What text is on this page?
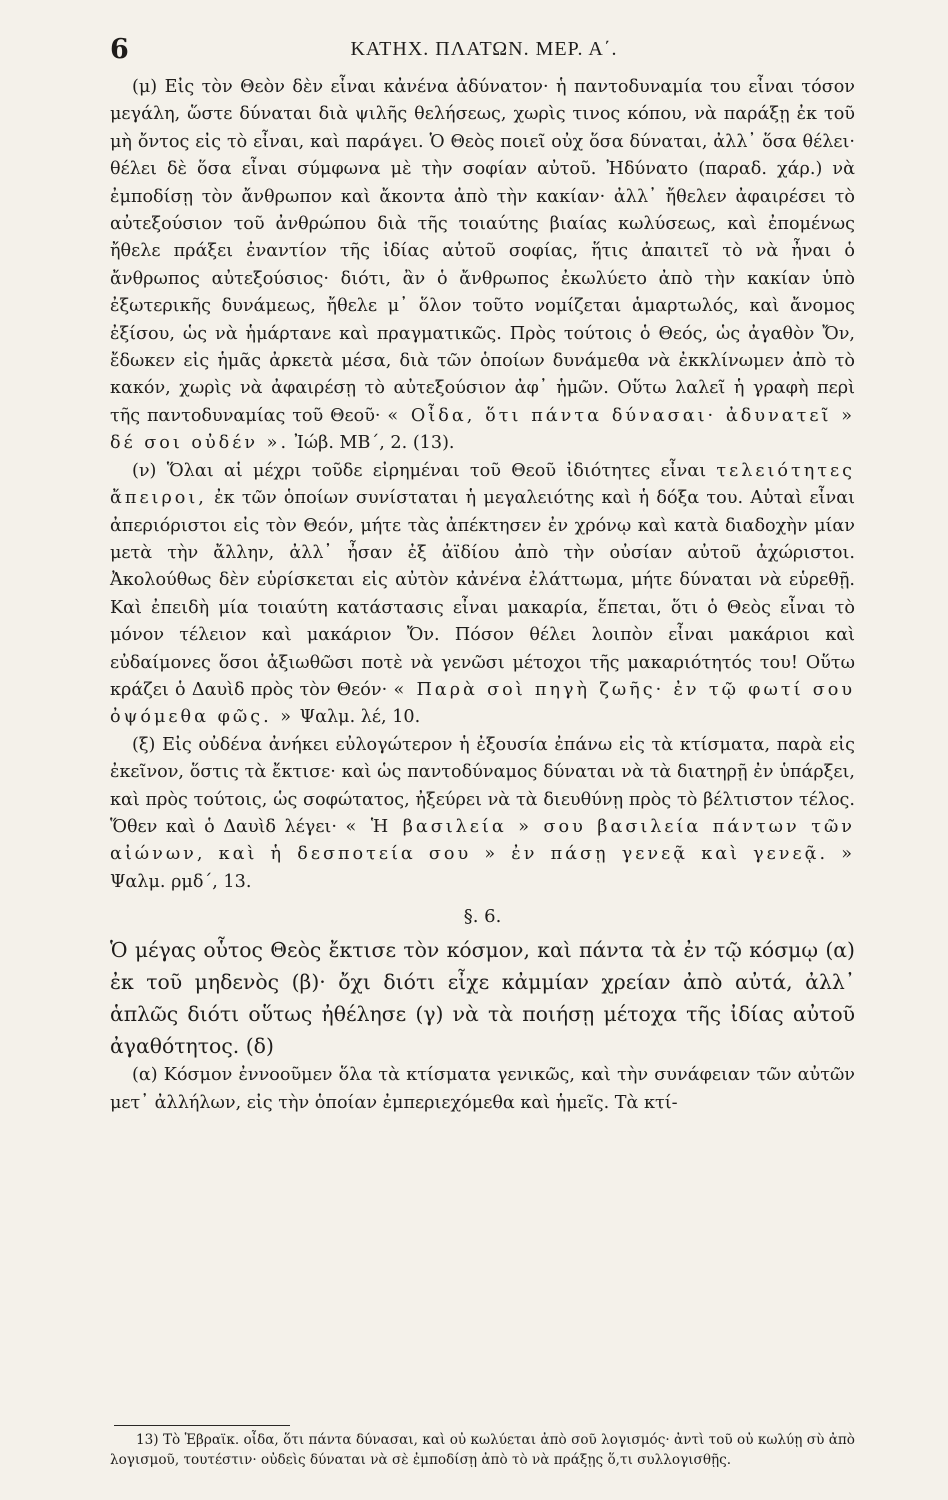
6	ΚΑΤΗΧ. ΠΛΑΤΩΝ. ΜΕΡ. Α΄.

(μ) Εἰς τὸν Θεὸν δὲν εἶναι κἀνένα ἀδύνατον· ἡ παντοδυναμία του εἶναι τόσον μεγάλη, ὥστε δύναται διὰ ψιλῆς θελήσεως, χωρὶς τινος κόπου, νὰ παράξῃ ἐκ τοῦ μὴ ὄντος εἰς τὸ εἶναι, καὶ παράγει. Ὁ Θεὸς ποιεῖ οὐχ ὅσα δύναται, ἀλλ᾽ ὅσα θέλει· θέλει δὲ ὅσα εἶναι σύμφωνα μὲ τὴν σοφίαν αὐτοῦ. Ἠδύνατο (παραδ. χάρ.) νὰ ἐμποδίσῃ τὸν ἄνθρωπον καὶ ἄκοντα ἀπὸ τὴν κακίαν· ἀλλ᾽ ἤθελεν ἀφαιρέσει τὸ αὐτεξούσιον τοῦ ἀνθρώπου διὰ τῆς τοιαύτης βιαίας κωλύσεως, καὶ ἐπομένως ἤθελε πράξει ἐναντίον τῆς ἰδίας αὐτοῦ σοφίας, ἥτις ἀπαιτεῖ τὸ νὰ ἦναι ὁ ἄνθρωπος αὐτεξούσιος· διότι, ἂν ὁ ἄνθρωπος ἐκωλύετο ἀπὸ τὴν κακίαν ὑπὸ ἐξωτερικῆς δυνάμεως, ἤθελε μ᾽ ὅλον τοῦτο νομίζεται ἁμαρτωλός, καὶ ἄνομος ἐξίσου, ὡς νὰ ἡμάρτανε καὶ πραγματικῶς. Πρὸς τούτοις ὁ Θεός, ὡς ἀγαθὸν Ὄν, ἔδωκεν εἰς ἡμᾶς ἀρκετὰ μέσα, διὰ τῶν ὁποίων δυνάμεθα νὰ ἐκκλίνωμεν ἀπὸ τὸ κακόν, χωρὶς νὰ ἀφαιρέσῃ τὸ αὐτεξούσιον ἀφ᾽ ἡμῶν. Οὕτω λαλεῖ ἡ γραφὴ περὶ τῆς παντοδυναμίας τοῦ Θεοῦ· « Οἶδα, ὅτι πάντα δύνασαι· ἀδυνατεῖ » δέ σοι οὐδέν ». Ἰώβ. ΜΒ΄, 2. (13).

(ν) Ὅλαι αἱ μέχρι τοῦδε εἰρημέναι τοῦ Θεοῦ ἰδιότητες εἶναι τελειότητες ἄπειροι, ἐκ τῶν ὁποίων συνίσταται ἡ μεγαλειότης καὶ ἡ δόξα του. Αὐταὶ εἶναι ἀπεριόριστοι εἰς τὸν Θεόν, μήτε τὰς ἀπέκτησεν ἐν χρόνῳ καὶ κατὰ διαδοχὴν μίαν μετὰ τὴν ἄλλην, ἀλλ᾽ ἦσαν ἐξ ἀϊδίου ἀπὸ τὴν οὐσίαν αὐτοῦ ἀχώριστοι. Ἀκολούθως δὲν εὑρίσκεται εἰς αὐτὸν κἀνένα ἐλάττωμα, μήτε δύναται νὰ εὑρεθῇ. Καὶ ἐπειδὴ μία τοιαύτη κατάστασις εἶναι μακαρία, ἕπεται, ὅτι ὁ Θεὸς εἶναι τὸ μόνον τέλειον καὶ μακάριον Ὄν. Πόσον θέλει λοιπὸν εἶναι μακάριοι καὶ εὐδαίμονες ὅσοι ἀξιωθῶσι ποτὲ νὰ γενῶσι μέτοχοι τῆς μακαριότητός του! Οὕτω κράζει ὁ Δαυὶδ πρὸς τὸν Θεόν· « Παρὰ σοὶ πηγὴ ζωῆς· ἐν τῷ φωτί σου ὀψόμεθα φῶς. » Ψαλμ. λέ, 10.

(ξ) Εἰς οὐδένα ἀνήκει εὐλογώτερον ἡ ἐξουσία ἐπάνω εἰς τὰ κτίσματα, παρὰ εἰς ἐκεῖνον, ὅστις τὰ ἔκτισε· καὶ ὡς παντοδύναμος δύναται νὰ τὰ διατηρῇ ἐν ὑπάρξει, καὶ πρὸς τούτοις, ὡς σοφώτατος, ἠξεύρει νὰ τὰ διευθύνῃ πρὸς τὸ βέλτιστον τέλος. Ὅθεν καὶ ὁ Δαυὶδ λέγει· « Ἡ βασιλεία » σου βασιλεία πάντων τῶν αἰώνων, καὶ ἡ δεσποτεία σου » ἐν πάσῃ γενεᾷ καὶ γενεᾷ. » Ψαλμ. ρμδ΄, 13.

§. 6.

Ὁ μέγας οὗτος Θεὸς ἔκτισε τὸν κόσμον, καὶ πάντα τὰ ἐν τῷ κόσμῳ (α) ἐκ τοῦ μηδενὸς (β)· ὄχι διότι εἶχε κἀμμίαν χρείαν ἀπὸ αὐτά, ἀλλ᾽ ἁπλῶς διότι οὕτως ἠθέλησε (γ) νὰ τὰ ποιήσῃ μέτοχα τῆς ἰδίας αὐτοῦ ἀγαθότητος. (δ)

(α) Κόσμον ἐννοοῦμεν ὅλα τὰ κτίσματα γενικῶς, καὶ τὴν συνάφειαν τῶν αὐτῶν μετ᾽ ἀλλήλων, εἰς τὴν ὁποίαν ἐμπεριεχόμεθα καὶ ἡμεῖς. Τὰ κτί-

13) Τὸ Ἑβραϊκ. οἶδα, ὅτι πάντα δύνασαι, καὶ οὐ κωλύεται ἀπὸ σοῦ λογισμός· ἀντὶ τοῦ οὐ κωλύῃ σὺ ἀπὸ λογισμοῦ, τουτέστιν· οὐδεὶς δύναται νὰ σὲ ἐμποδίσῃ ἀπὸ τὸ νὰ πράξῃς ὅ,τι συλλογισθῇς.
